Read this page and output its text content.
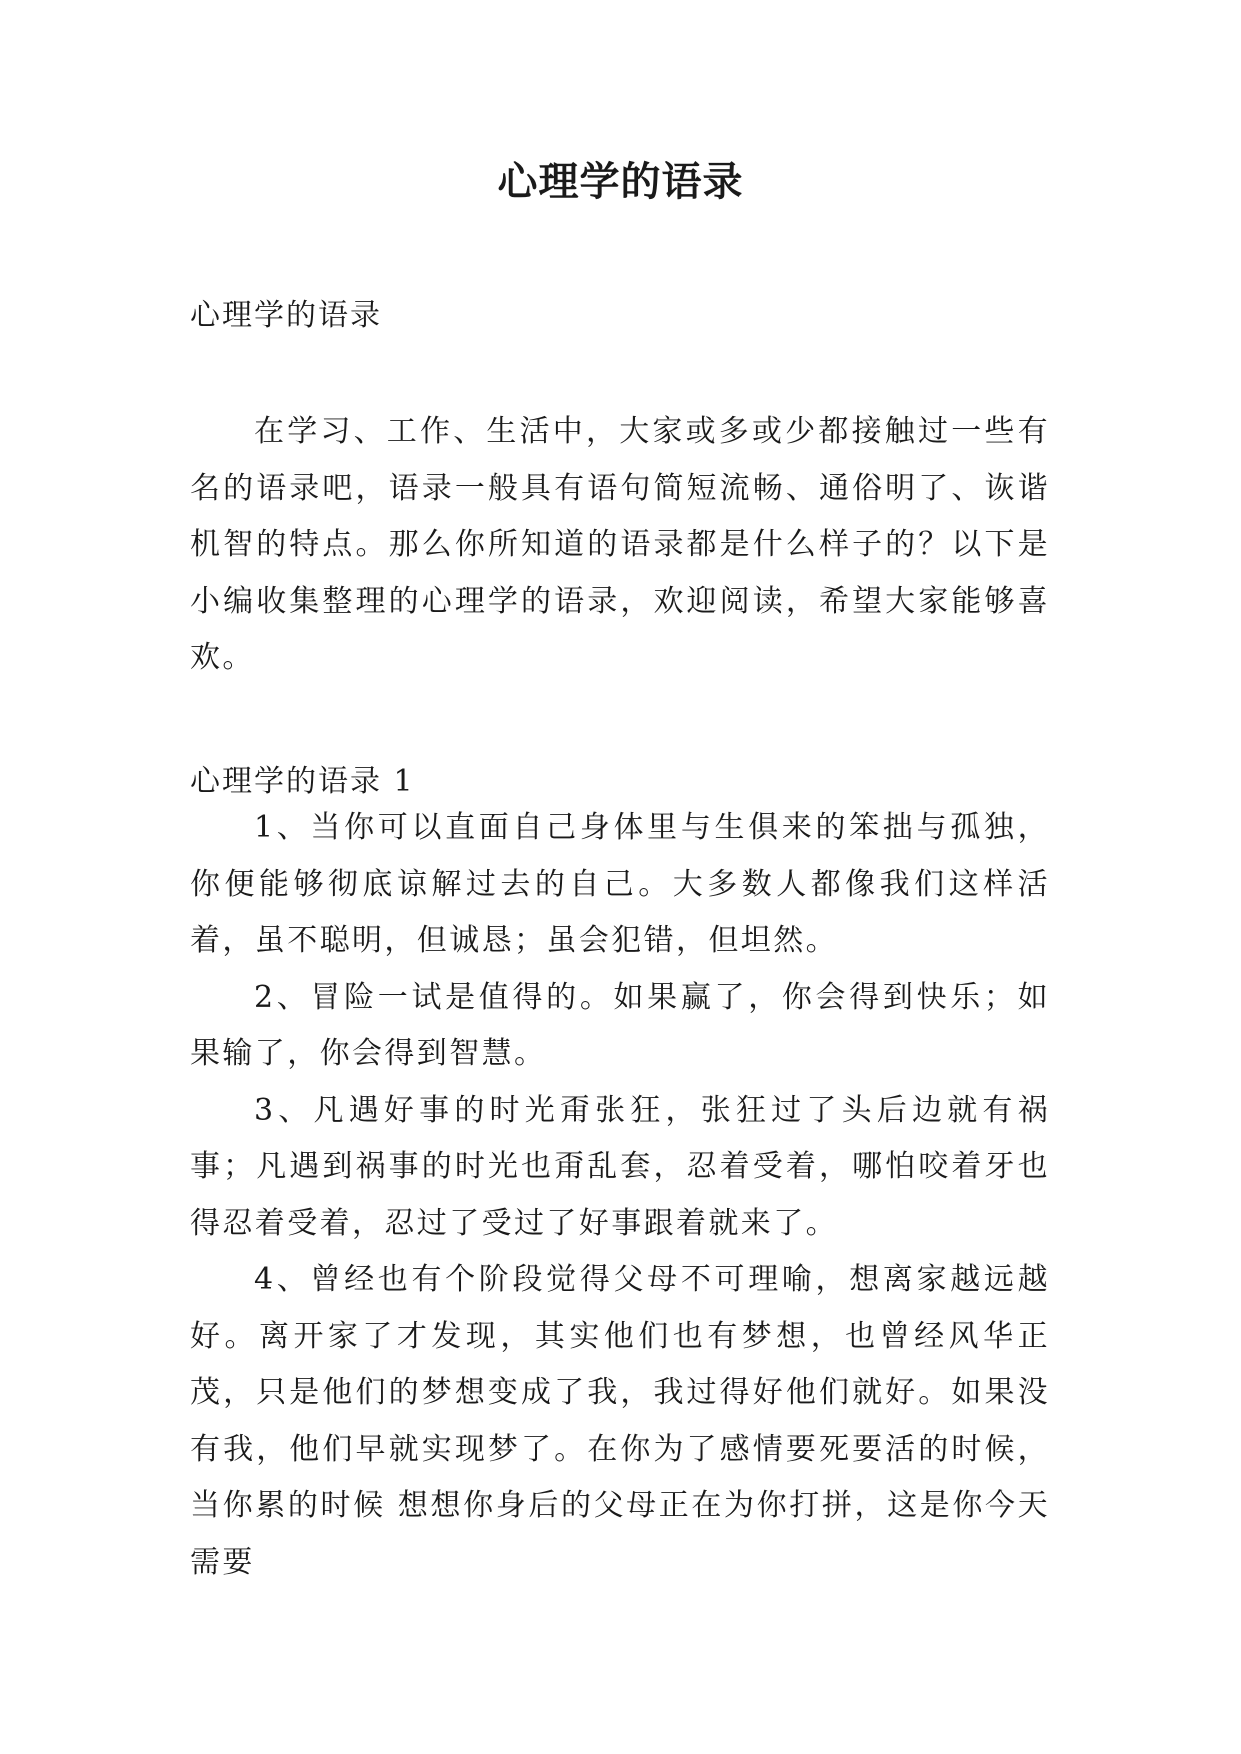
心理学的语录

心理学的语录

在学习、工作、生活中，大家或多或少都接触过一些有名的语录吧，语录一般具有语句简短流畅、通俗明了、诙谐机智的特点。那么你所知道的语录都是什么样子的？以下是小编收集整理的心理学的语录，欢迎阅读，希望大家能够喜欢。

心理学的语录 1

1、当你可以直面自己身体里与生俱来的笨拙与孤独，你便能够彻底谅解过去的自己。大多数人都像我们这样活着，虽不聪明，但诚恳；虽会犯错，但坦然。

2、冒险一试是值得的。如果赢了，你会得到快乐；如果输了，你会得到智慧。

3、凡遇好事的时光甭张狂，张狂过了头后边就有祸事；凡遇到祸事的时光也甭乱套，忍着受着，哪怕咬着牙也得忍着受着，忍过了受过了好事跟着就来了。

4、曾经也有个阶段觉得父母不可理喻，想离家越远越好。离开家了才发现，其实他们也有梦想，也曾经风华正茂，只是他们的梦想变成了我，我过得好他们就好。如果没有我，他们早就实现梦了。在你为了感情要死要活的时候，当你累的时候 想想你身后的父母正在为你打拼，这是你今天需要
